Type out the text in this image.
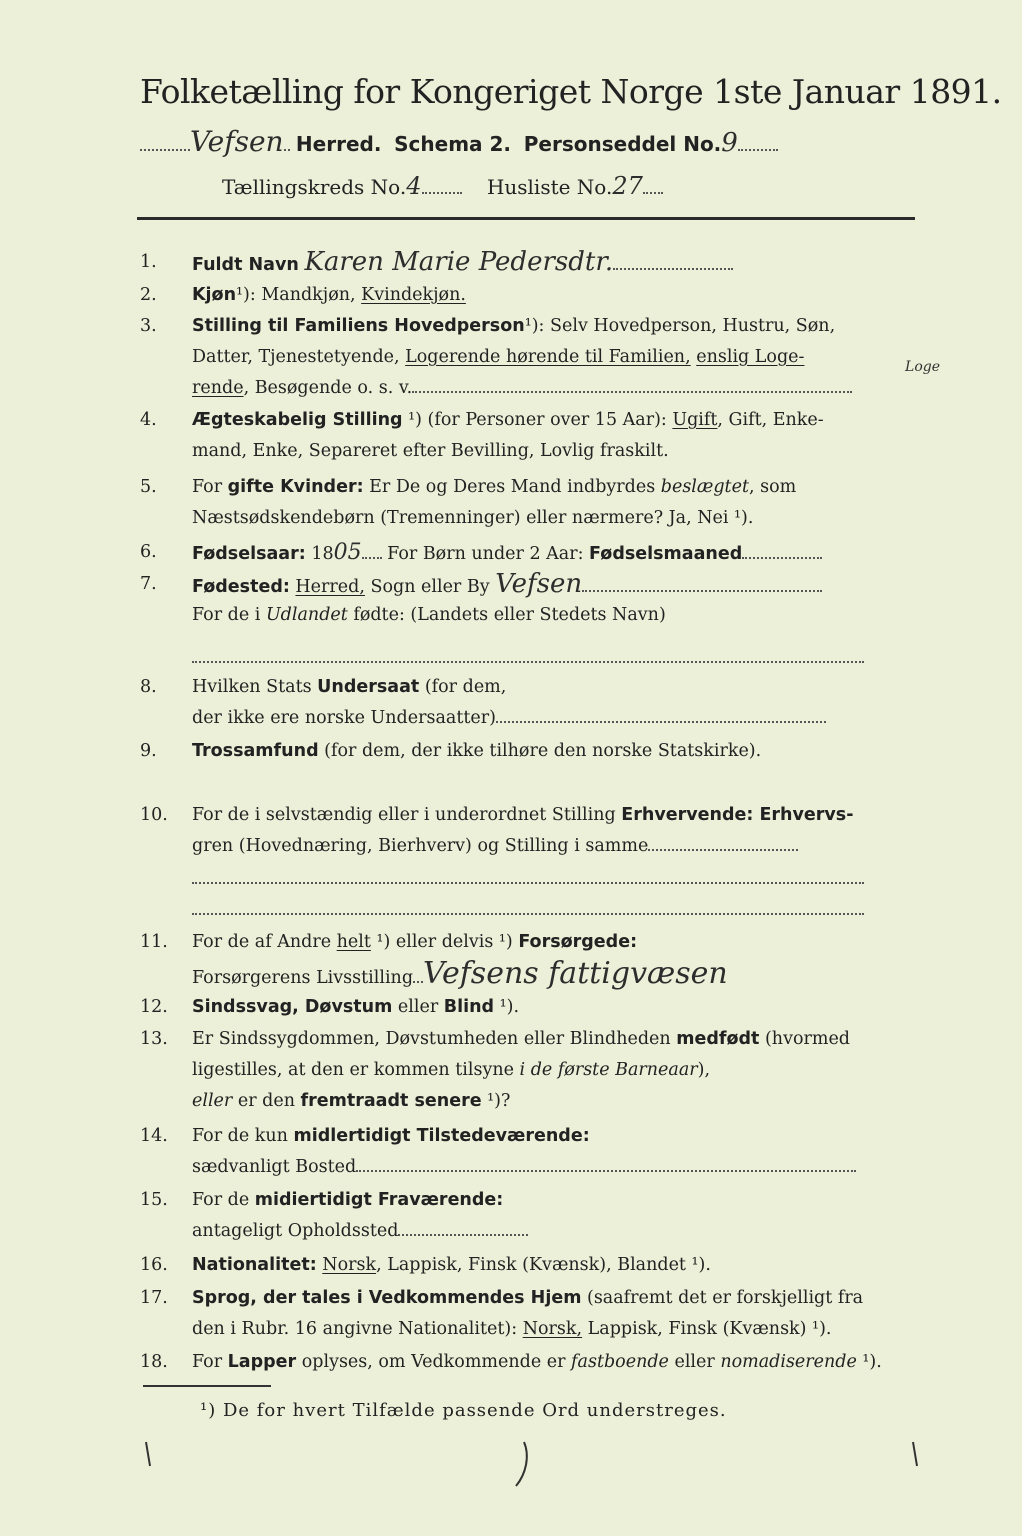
Folketælling for Kongeriget Norge 1ste Januar 1891.
Vefsen Herred. Schema 2. Personseddel No.9
Tællingskreds No.4	Husliste No.27
1.	Fuldt Navn Karen Marie Pedersdtr.
2.	Kjøn¹): Mandkjøn, Kvindekjøn.
3.	Stilling til Familiens Hovedperson¹): Selv Hovedperson, Hustru, Søn,
Datter, Tjenestetyende, Logerende hørende til Familien, enslig Loge-	Loge
rende, Besøgende o. s. v.
4.	Ægteskabelig Stilling ¹) (for Personer over 15 Aar): Ugift, Gift, Enke-
mand, Enke, Separeret efter Bevilling, Lovlig fraskilt.
5.	For gifte Kvinder: Er De og Deres Mand indbyrdes beslægtet, som
Næstsødskendebørn (Tremenninger) eller nærmere? Ja, Nei ¹).
6.	Fødselsaar: 1805 For Børn under 2 Aar: Fødselsmaaned
7.	Fødested: Herred, Sogn eller By Vefsen
For de i Udlandet fødte: (Landets eller Stedets Navn)
8.	Hvilken Stats Undersaat (for dem,
der ikke ere norske Undersaatter)
9.	Trossamfund (for dem, der ikke tilhøre den norske Statskirke).
10.	For de i selvstændig eller i underordnet Stilling Erhvervende: Erhvervs-
gren (Hovednæring, Bierhverv) og Stilling i samme
11.	For de af Andre helt ¹) eller delvis ¹) Forsørgede:
Forsørgerens Livsstilling Vefsens fattigvæsen
12.	Sindssvag, Døvstum eller Blind ¹).
13.	Er Sindssygdommen, Døvstumheden eller Blindheden medfødt (hvormed
ligestilles, at den er kommen tilsyne i de første Barneaar),
eller er den fremtraadt senere ¹)?
14.	For de kun midlertidigt Tilstedeværende:
sædvanligt Bosted
15.	For de midiertidigt Fraværende:
antageligt Opholdssted
16.	Nationalitet: Norsk, Lappisk, Finsk (Kvænsk), Blandet ¹).
17.	Sprog, der tales i Vedkommendes Hjem (saafremt det er forskjelligt fra
den i Rubr. 16 angivne Nationalitet): Norsk, Lappisk, Finsk (Kvænsk) ¹).
18.	For Lapper oplyses, om Vedkommende er fastboende eller nomadiserende ¹).
¹) De for hvert Tilfælde passende Ord understreges.
